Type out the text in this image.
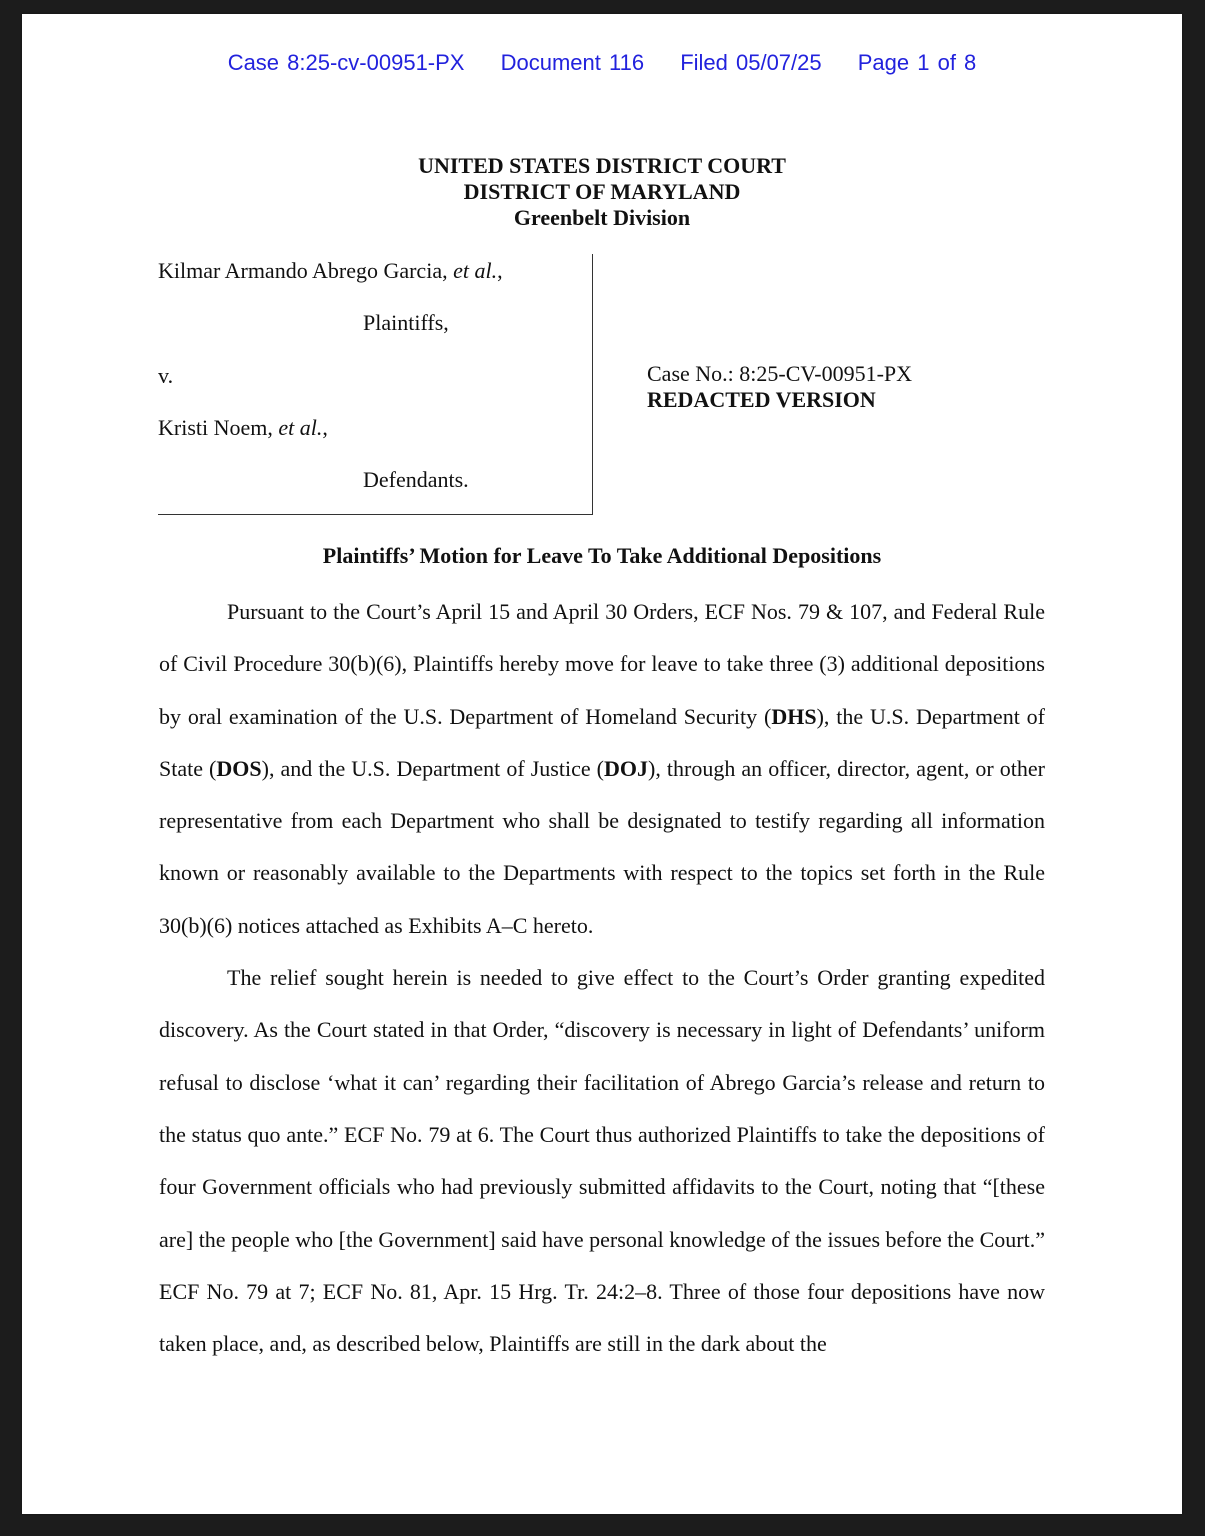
Case 8:25-cv-00951-PX Document 116 Filed 05/07/25 Page 1 of 8
UNITED STATES DISTRICT COURT
DISTRICT OF MARYLAND
Greenbelt Division
Kilmar Armando Abrego Garcia, et al.,
Plaintiffs,
v.
Kristi Noem, et al.,
Defendants.
Case No.: 8:25-CV-00951-PX
REDACTED VERSION
Plaintiffs’ Motion for Leave To Take Additional Depositions

Pursuant to the Court’s April 15 and April 30 Orders, ECF Nos. 79 & 107, and Federal Rule of Civil Procedure 30(b)(6), Plaintiffs hereby move for leave to take three (3) additional depositions by oral examination of the U.S. Department of Homeland Security (DHS), the U.S. Department of State (DOS), and the U.S. Department of Justice (DOJ), through an officer, director, agent, or other representative from each Department who shall be designated to testify regarding all information known or reasonably available to the Departments with respect to the topics set forth in the Rule 30(b)(6) notices attached as Exhibits A–C hereto.

The relief sought herein is needed to give effect to the Court’s Order granting expedited discovery. As the Court stated in that Order, “discovery is necessary in light of Defendants’ uniform refusal to disclose ‘what it can’ regarding their facilitation of Abrego Garcia’s release and return to the status quo ante.” ECF No. 79 at 6. The Court thus authorized Plaintiffs to take the depositions of four Government officials who had previously submitted affidavits to the Court, noting that “[these are] the people who [the Government] said have personal knowledge of the issues before the Court.” ECF No. 79 at 7; ECF No. 81, Apr. 15 Hrg. Tr. 24:2–8. Three of those four depositions have now taken place, and, as described below, Plaintiffs are still in the dark about the
